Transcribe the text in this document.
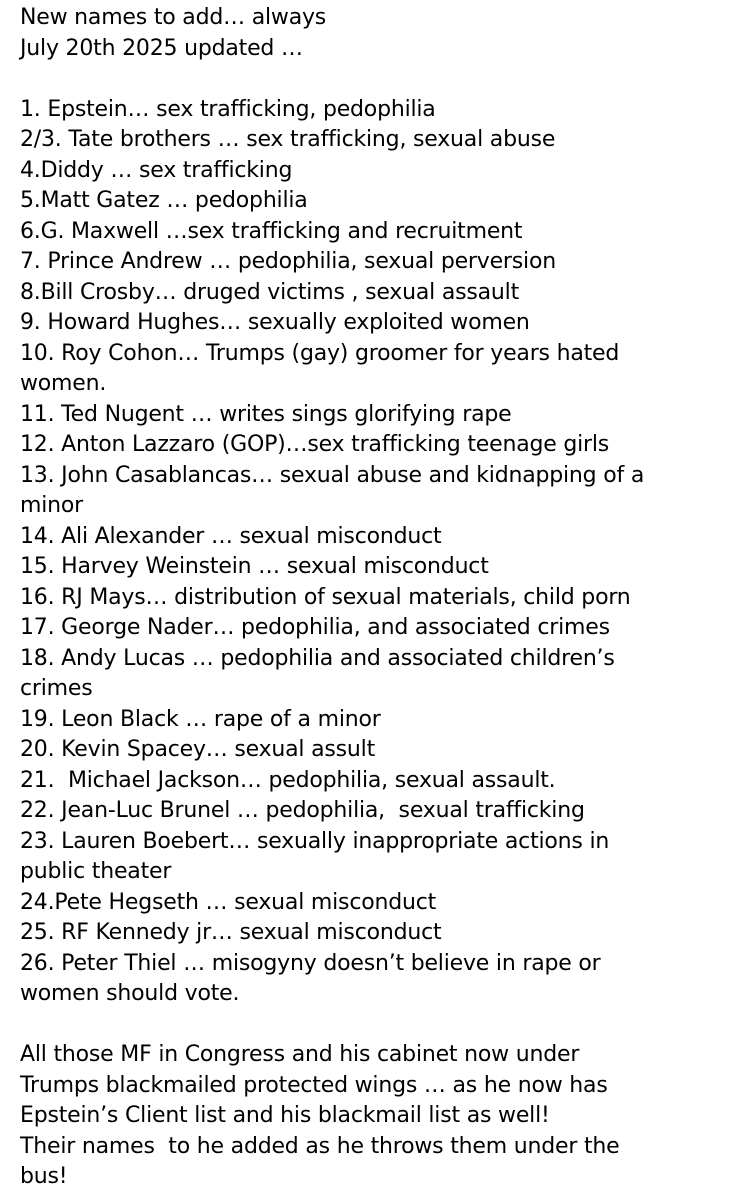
New names to add… always
July 20th 2025 updated …
1. Epstein… sex trafficking, pedophilia
2/3. Tate brothers … sex trafficking, sexual abuse
4.Diddy … sex trafficking
5.Matt Gatez … pedophilia
6.G. Maxwell …sex trafficking and recruitment
7. Prince Andrew … pedophilia, sexual perversion
8.Bill Crosby… druged victims , sexual assault
9. Howard Hughes… sexually exploited women
10. Roy Cohon… Trumps (gay) groomer for years hated
women.
11. Ted Nugent … writes sings glorifying rape
12. Anton Lazzaro (GOP)…sex trafficking teenage girls
13. John Casablancas… sexual abuse and kidnapping of a
minor
14. Ali Alexander … sexual misconduct
15. Harvey Weinstein … sexual misconduct
16. RJ Mays… distribution of sexual materials, child porn
17. George Nader… pedophilia, and associated crimes
18. Andy Lucas … pedophilia and associated children’s
crimes
19. Leon Black … rape of a minor
20. Kevin Spacey… sexual assult
21.  Michael Jackson… pedophilia, sexual assault.
22. Jean-Luc Brunel … pedophilia,  sexual trafficking
23. Lauren Boebert… sexually inappropriate actions in
public theater
24.Pete Hegseth … sexual misconduct
25. RF Kennedy jr… sexual misconduct
26. Peter Thiel … misogyny doesn’t believe in rape or
women should vote.
All those MF in Congress and his cabinet now under
Trumps blackmailed protected wings … as he now has
Epstein’s Client list and his blackmail list as well!
Their names  to he added as he throws them under the
bus!
